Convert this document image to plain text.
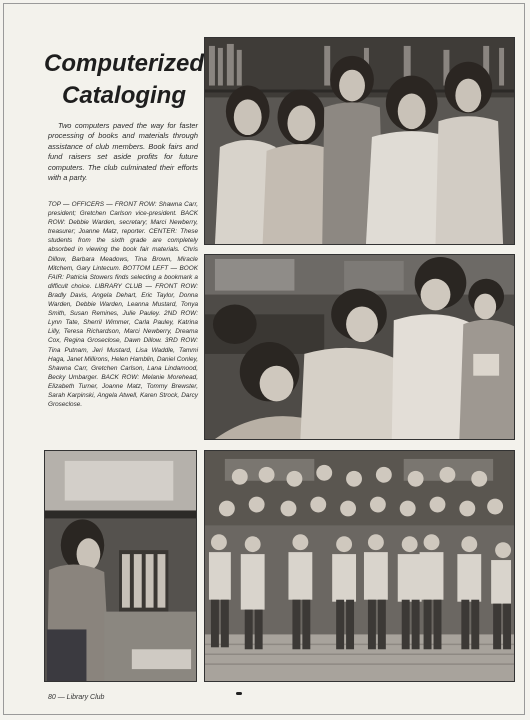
Computerized
Cataloging

Two computers paved the way for faster processing of books and materials through assistance of club members. Book fairs and fund raisers set aside profits for future computers. The club culminated their efforts with a party.

TOP — OFFICERS — FRONT ROW: Shawna Carr, president; Gretchen Carlson vice-president. BACK ROW: Debbie Warden, secretary; Marci Newberry, treasurer; Joanne Matz, reporter. CENTER: These students from the sixth grade are completely absorbed in viewing the book fair materials. Chris Dillow, Barbara Meadows, Tina Brown, Miracle Mitchem, Gary Lintecum. BOTTOM LEFT — BOOK FAIR: Patricia Stowers finds selecting a bookmark a difficult choice. LIBRARY CLUB — FRONT ROW: Bradly Davis, Angela Dehart, Eric Taylor, Donna Warden, Debbie Warden, Leanna Mustard, Tonya Smith, Susan Remines, Julie Pauley. 2ND ROW: Lynn Tate, Sherril Wimmer, Carla Pauley, Katrina Lilly, Teresa Richardson, Marci Newberry, Dreama Cox, Regina Groseclose, Dawn Dillow. 3RD ROW: Tina Putnam, Jeri Mustard, Lisa Waddle, Tammi Haga, Janet Millirons, Helen Hamblin, Daniel Conley, Shawna Carr, Gretchen Carlson, Lana Lindamood, Becky Umbarger. BACK ROW: Melanie Morehead, Elizabeth Turner, Joanne Matz, Tommy Brewster, Sarah Karpinski, Angela Atwell, Karen Strock, Darcy Groseclose.

80 — Library Club
